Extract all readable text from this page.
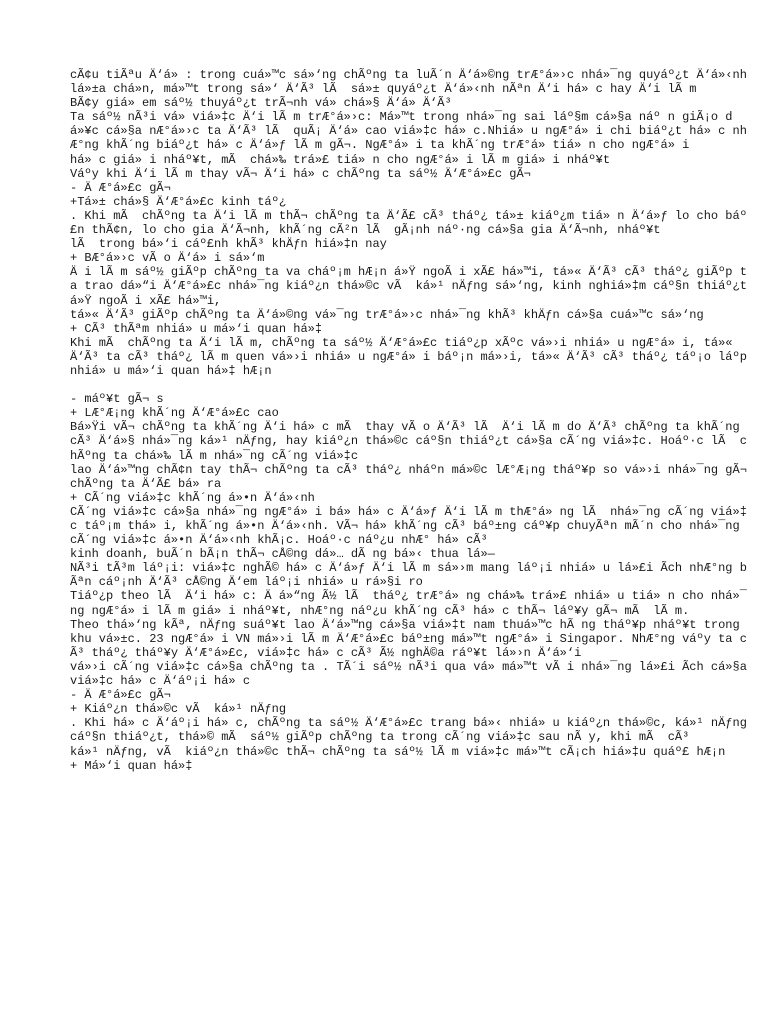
cÃ¢u tiÃªu Ä‘á» : trong cuá»™c sá»‘ng chÃºng ta luÃ´n Ä‘á»©ng trÆ°á»›c nhá»¯ng quyáº¿t Ä‘á»‹nh lá»±a chá»n, má»™t trong sá»‘ Ä‘Ã³ lÃ  sá»± quyáº¿t Ä‘á»‹nh nÃªn Ä‘i há» c hay Ä‘i lÃ m
BÃ¢y giá» em sáº½ thuyáº¿t trÃ¬nh vá» chá»§ Ä‘á» Ä‘Ã³
Ta sáº½ nÃ³i vá» viá»‡c Ä‘i lÃ m trÆ°á»›c: Má»™t trong nhá»¯ng sai láº§m cá»§a náº n giÃ¡o dá»¥c cá»§a nÆ°á»›c ta Ä‘Ã³ lÃ  quÃ¡ Ä‘á» cao viá»‡c há» c.Nhiá» u ngÆ°á» i chi biáº¿t há» c nhÆ°ng khÃ´ng biáº¿t há» c Ä‘á»ƒ lÃ m gÃ¬. NgÆ°á» i ta khÃ´ng trÆ°á» tiá» n cho ngÆ°á» i
há» c giá» i nháº¥t, mÃ  chá»‰ trá»£ tiá» n cho ngÆ°á» i lÃ m giá» i nháº¥t
Váºy khi Ä‘i lÃ m thay vÃ¬ Ä‘i há» c chÃºng ta sáº½ Ä‘Æ°á»£c gÃ¬
- Ä Æ°á»£c gÃ¬
+Tá»± chá»§ Ä‘Æ°á»£c kinh táº¿
. Khi mÃ  chÃºng ta Ä‘i lÃ m thÃ¬ chÃºng ta Ä‘Ã£ cÃ³ tháº¿ tá»± kiáº¿m tiá» n Ä‘á»ƒ lo cho báº£n thÃ¢n, lo cho gia Ä‘Ã¬nh, khÃ´ng cÃ²n lÃ  gÃ¡nh náº·ng cá»§a gia Ä‘Ã¬nh, nháº¥t
lÃ  trong bá»‘i cáº£nh khÃ³ khÄƒn hiá»‡n nay
+ BÆ°á»›c vÃ o Ä‘á» i sá»‘m
Ä i lÃ m sáº½ giÃºp chÃºng ta va cháº¡m hÆ¡n á»Ÿ ngoÃ i xÃ£ há»™i, tá»« Ä‘Ã³ cÃ³ tháº¿ giÃºp ta trao dá»“i Ä‘Æ°á»£c nhá»¯ng kiáº¿n thá»©c vÃ  ká»¹ nÄƒng sá»‘ng, kinh nghiá»‡m cáº§n thiáº¿t á»Ÿ ngoÃ i xÃ£ há»™i,
tá»« Ä‘Ã³ giÃºp chÃºng ta Ä‘á»©ng vá»¯ng trÆ°á»›c nhá»¯ng khÃ³ khÄƒn cá»§a cuá»™c sá»‘ng
+ CÃ³ thÃªm nhiá» u má»‘i quan há»‡
Khi mÃ  chÃºng ta Ä‘i lÃ m, chÃºng ta sáº½ Ä‘Æ°á»£c tiáº¿p xÃºc vá»›i nhiá» u ngÆ°á» i, tá»« Ä‘Ã³ ta cÃ³ tháº¿ lÃ m quen vá»›i nhiá» u ngÆ°á» i báº¡n má»›i, tá»« Ä‘Ã³ cÃ³ tháº¿ táº¡o láºp nhiá» u má»‘i quan há»‡ hÆ¡n

- máº¥t gÃ¬ s
+ LÆ°Æ¡ng khÃ´ng Ä‘Æ°á»£c cao
Bá»Ÿi vÃ¬ chÃºng ta khÃ´ng Ä‘i há» c mÃ  thay vÃ o Ä‘Ã³ lÃ  Ä‘i lÃ m do Ä‘Ã³ chÃºng ta khÃ´ng cÃ³ Ä‘á»§ nhá»¯ng ká»¹ nÄƒng, hay kiáº¿n thá»©c cáº§n thiáº¿t cá»§a cÃ´ng viá»‡c. Hoáº·c lÃ  chÃºng ta chá»‰ lÃ m nhá»¯ng cÃ´ng viá»‡c
lao Ä‘á»™ng chÃ¢n tay thÃ¬ chÃºng ta cÃ³ tháº¿ nháºn má»©c lÆ°Æ¡ng tháº¥p so vá»›i nhá»¯ng gÃ¬ chÃºng ta Ä‘Ã£ bá» ra
+ CÃ´ng viá»‡c khÃ´ng á»•n Ä‘á»‹nh
CÃ´ng viá»‡c cá»§a nhá»¯ng ngÆ°á» i bá» há» c Ä‘á»ƒ Ä‘i lÃ m thÆ°á» ng lÃ  nhá»¯ng cÃ´ng viá»‡c táº¡m thá» i, khÃ´ng á»•n Ä‘á»‹nh. VÃ¬ há» khÃ´ng cÃ³ báº±ng cáº¥p chuyÃªn mÃ´n cho nhá»¯ng cÃ´ng viá»‡c á»•n Ä‘á»‹nh khÃ¡c. Hoáº·c náº¿u nhÆ° há» cÃ³
kinh doanh, buÃ´n bÃ¡n thÃ¬ cÅ©ng dá»… dÃ ng bá»‹ thua lá»—
NÃ³i tÃ³m láº¡i: viá»‡c nghÃ© há» c Ä‘á»ƒ Ä‘i lÃ m sá»›m mang láº¡i nhiá» u lá»£i Ãch nhÆ°ng bÃªn cáº¡nh Ä‘Ã³ cÅ©ng Ä‘em láº¡i nhiá» u rá»§i ro
Tiáº¿p theo lÃ  Ä‘i há» c: Ä á»“ng Ã½ lÃ  tháº¿ trÆ°á» ng chá»‰ trá»£ nhiá» u tiá» n cho nhá»¯ng ngÆ°á» i lÃ m giá» i nháº¥t, nhÆ°ng náº¿u khÃ´ng cÃ³ há» c thÃ¬ láº¥y gÃ¬ mÃ  lÃ m.
Theo thá»‘ng kÃª, nÄƒng suáº¥t lao Ä‘á»™ng cá»§a viá»‡t nam thuá»™c hÃ ng tháº¥p nháº¥t trong khu vá»±c. 23 ngÆ°á» i VN má»›i lÃ m Ä‘Æ°á»£c báº±ng má»™t ngÆ°á» i Singapor. NhÆ°ng váºy ta cÃ³ tháº¿ tháº¥y Ä‘Æ°á»£c, viá»‡c há» c cÃ³ Ã½ nghÄ©a ráº¥t lá»›n Ä‘á»‘i
vá»›i cÃ´ng viá»‡c cá»§a chÃºng ta . TÃ´i sáº½ nÃ³i qua vá» má»™t vÃ i nhá»¯ng lá»£i Ãch cá»§a viá»‡c há» c Ä‘áº¡i há» c
- Ä Æ°á»£c gÃ¬
+ Kiáº¿n thá»©c vÃ  ká»¹ nÄƒng
. Khi há» c Ä‘áº¡i há» c, chÃºng ta sáº½ Ä‘Æ°á»£c trang bá»‹ nhiá» u kiáº¿n thá»©c, ká»¹ nÄƒng cáº§n thiáº¿t, thá»© mÃ  sáº½ giÃºp chÃºng ta trong cÃ´ng viá»‡c sau nÃ y, khi mÃ  cÃ³
ká»¹ nÄƒng, vÃ  kiáº¿n thá»©c thÃ¬ chÃºng ta sáº½ lÃ m viá»‡c má»™t cÃ¡ch hiá»‡u quáº£ hÆ¡n
+ Má»‘i quan há»‡
